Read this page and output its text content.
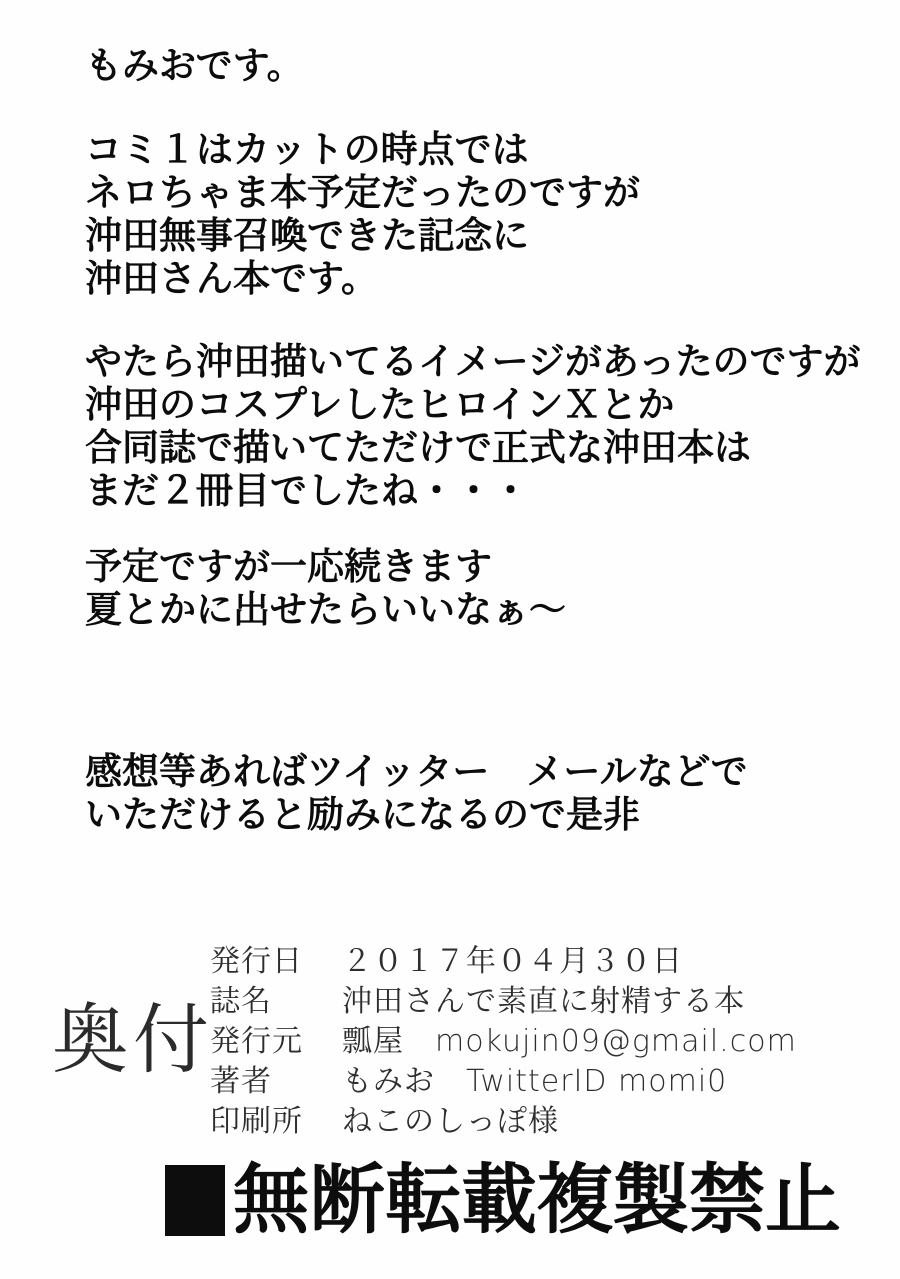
もみおです。
コミ１はカットの時点では
ネロちゃま本予定だったのですが
沖田無事召喚できた記念に
沖田さん本です。
やたら沖田描いてるイメージがあったのですが
沖田のコスプレしたヒロインＸとか
合同誌で描いてただけで正式な沖田本は
まだ２冊目でしたね・・・
予定ですが一応続きます
夏とかに出せたらいいなぁ〜
感想等あればツイッター　メールなどで
いただけると励みになるので是非
奥付
発行日	２０１７年０４月３０日
誌名	沖田さんで素直に射精する本
発行元	瓢屋　mokujin09@gmail.com
著者	もみお　TwitterID momi0
印刷所	ねこのしっぽ様
無断転載複製禁止
